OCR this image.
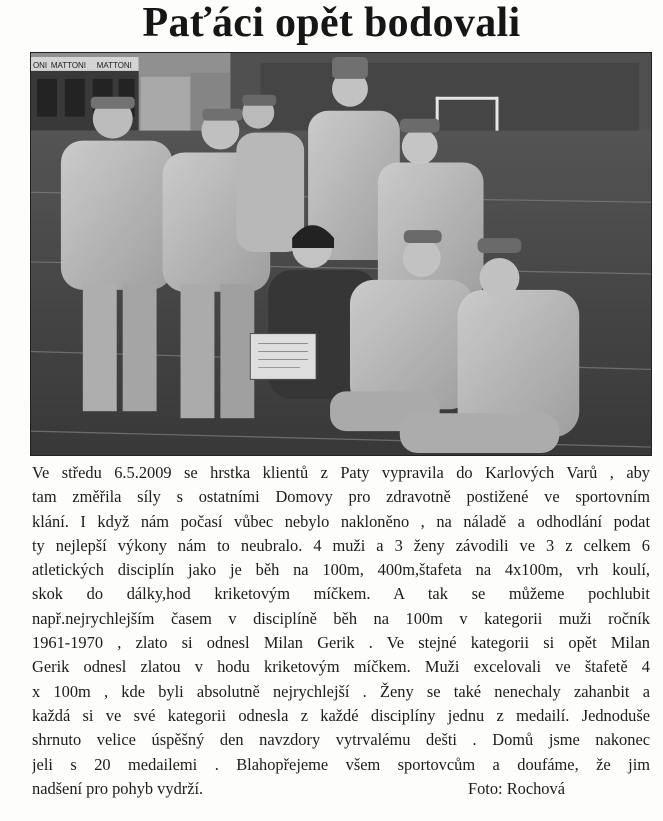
Paťáci opět bodovali
ONI MATTONI MATTONI
Ve středu 6.5.2009 se hrstka klientů z Paty vypravila do Karlových Varů , aby
tam změřila síly s ostatními Domovy pro zdravotně postižené ve sportovním
klání. I když nám počasí vůbec nebylo nakloněno , na náladě a odhodlání podat
ty nejlepší výkony nám to neubralo. 4 muži a 3 ženy závodili ve 3 z celkem 6
atletických disciplín jako je běh na 100m, 400m,štafeta na 4x100m, vrh koulí,
skok do dálky,hod kriketovým míčkem. A tak se můžeme pochlubit
např.nejrychlejším časem v disciplíně běh na 100m v kategorii muži ročník
1961-1970 , zlato si odnesl Milan Gerik . Ve stejné kategorii si opět Milan
Gerik odnesl zlatou v hodu kriketovým míčkem. Muži excelovali ve štafetě 4
x 100m , kde byli absolutně nejrychlejší . Ženy se také nenechaly zahanbit a
každá si ve své kategorii odnesla z každé disciplíny jednu z medailí. Jednoduše
shrnuto velice úspěšný den navzdory vytrvalému dešti . Domů jsme nakonec
jeli s 20 medailemi . Blahopřejeme všem sportovcům a doufáme, že jim
nadšení pro pohyb vydrží.	Foto: Rochová
